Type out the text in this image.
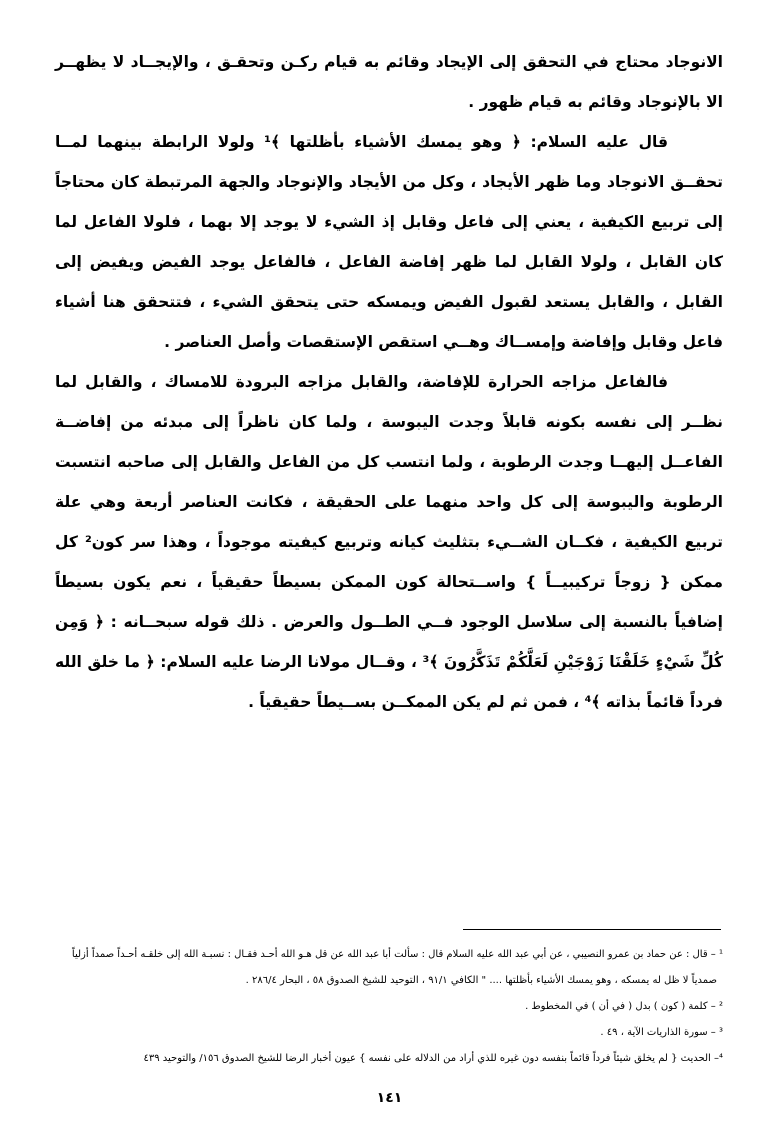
الانوجاد محتاج في التحقق إلى الإيجاد وقائم به قيام ركـن وتحقـق ، والإيجــاد لا يظهــر الا بالإنوجاد وقائم به قيام ظهور .

قال عليه السلام: ﴿ وهو يمسك الأشياء بأظلتها ﴾¹ ولولا الرابطة بينهما لمــا تحقــق الانوجاد وما ظهر الأيجاد ، وكل من الأيجاد والإنوجاد والجهة المرتبطة كان محتاجاً إلى تربيع الكيفية ، يعني إلى فاعل وقابل إذ الشيء لا يوجد إلا بهما ، فلولا الفاعل لما كان القابل ، ولولا القابل لما ظهر إفاضة الفاعل ، فالفاعل يوجد الفيض ويفيض إلى القابل ، والقابل يستعد لقبول الفيض ويمسكه حتى يتحقق الشيء ، فتتحقق هنا أشياء فاعل وقابل وإفاضة وإمســاك وهــي استقص الإستقصات وأصل العناصر .

فالفاعل مزاجه الحرارة للإفاضة، والقابل مزاجه البرودة للامساك ، والقابل لما نظــر إلى نفسه بكونه قابلاً وجدت اليبوسة ، ولما كان ناظراً إلى مبدئه من إفاضــة الفاعــل إليهــا وجدت الرطوبة ، ولما انتسب كل من الفاعل والقابل إلى صاحبه انتسبت الرطوبة واليبوسة إلى كل واحد منهما على الحقيقة ، فكانت العناصر أربعة وهي علة تربيع الكيفية ، فكــان الشــيء بتثليث كيانه وتربيع كيفيته موجوداً ، وهذا سر كون² كل ممكن { زوجاً تركيبيــاً } واســتحالة كون الممكن بسيطاً حقيقياً ، نعم يكون بسيطاً إضافياً بالنسبة إلى سلاسل الوجود فــي الطــول والعرض . ذلك قوله سبحــانه : ﴿ وَمِن كُلِّ شَيْءٍ خَلَقْنَا زَوْجَيْنِ لَعَلَّكُمْ تَذَكَّرُونَ ﴾³ ، وقــال مولانا الرضا عليه السلام: ﴿ ما خلق الله فرداً قائماً بذاته ﴾⁴ ، فمن ثم لم يكن الممكــن بســيطاً حقيقياً .

¹ – قال : عن حماد بن عمرو النصيبي ، عن أبي عبد الله عليه السلام قال : سألت أبا عبد الله عن قل هـو الله أحـد فقـال : نسبـة الله إلى خلقـه أحـداً صمداً أزلياً

صمدياً لا ظل له يمسكه ، وهو يمسك الأشياء بأظلتها .... " الكافي ٩١/١ ، التوحيد للشيخ الصدوق ٥٨ ، البحار ٢٨٦/٤ .

² – كلمة ( كون ) بدل ( في أن ) في المخطوط .

³ – سورة الذاريات الآية ، ٤٩ .

⁴– الحديث { لم يخلق شيئاً فرداً قائماً بنفسه دون غيره للذي أراد من الدلاله على نفسه } عيون أخبار الرضا للشيخ الصدوق ١٥٦/ والتوحيد ٤٣٩

١٤١
